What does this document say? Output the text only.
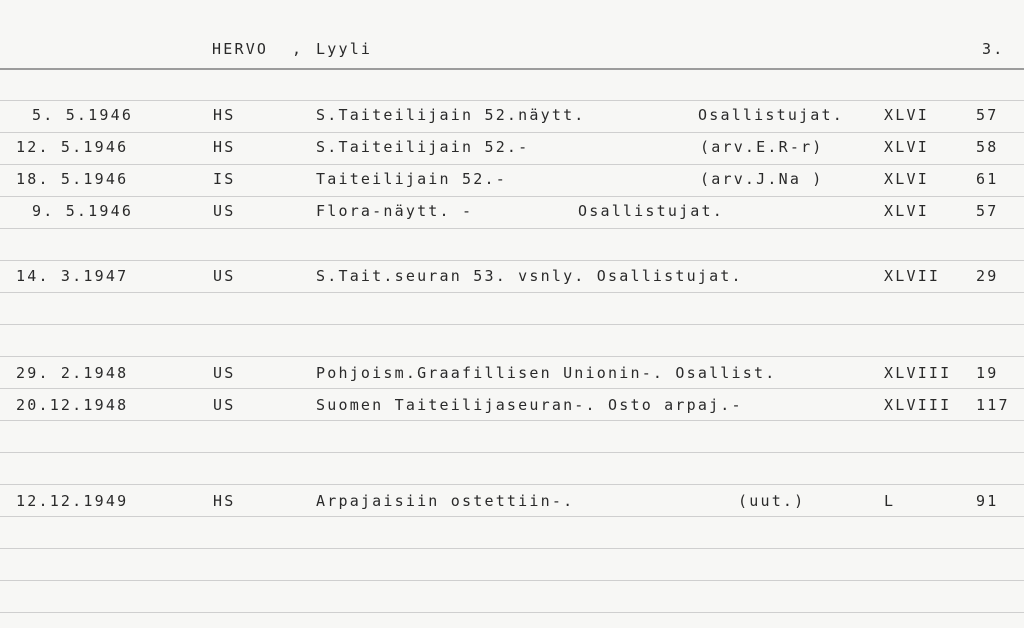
HERVO , Lyyli	3.
5. 5.1946	HS	S.Taiteilijain 52.näytt.	Osallistujat.	XLVI	57
12. 5.1946	HS	S.Taiteilijain 52.-	(arv.E.R-r)	XLVI	58
18. 5.1946	IS	Taiteilijain 52.-	(arv.J.Na )	XLVI	61
9. 5.1946	US	Flora-näytt. -	Osallistujat.	XLVI	57
14. 3.1947	US	S.Tait.seuran 53. vsnly. Osallistujat.	XLVII 29
29. 2.1948	US	Pohjoism.Graafillisen Unionin-. Osallist.	XLVIII 19
20.12.1948	US	Suomen Taiteilijaseuran-. Osto arpaj.-	XLVIII 117
12.12.1949	HS	Arpajaisiin ostettiin-.	(uut.)	L	91
